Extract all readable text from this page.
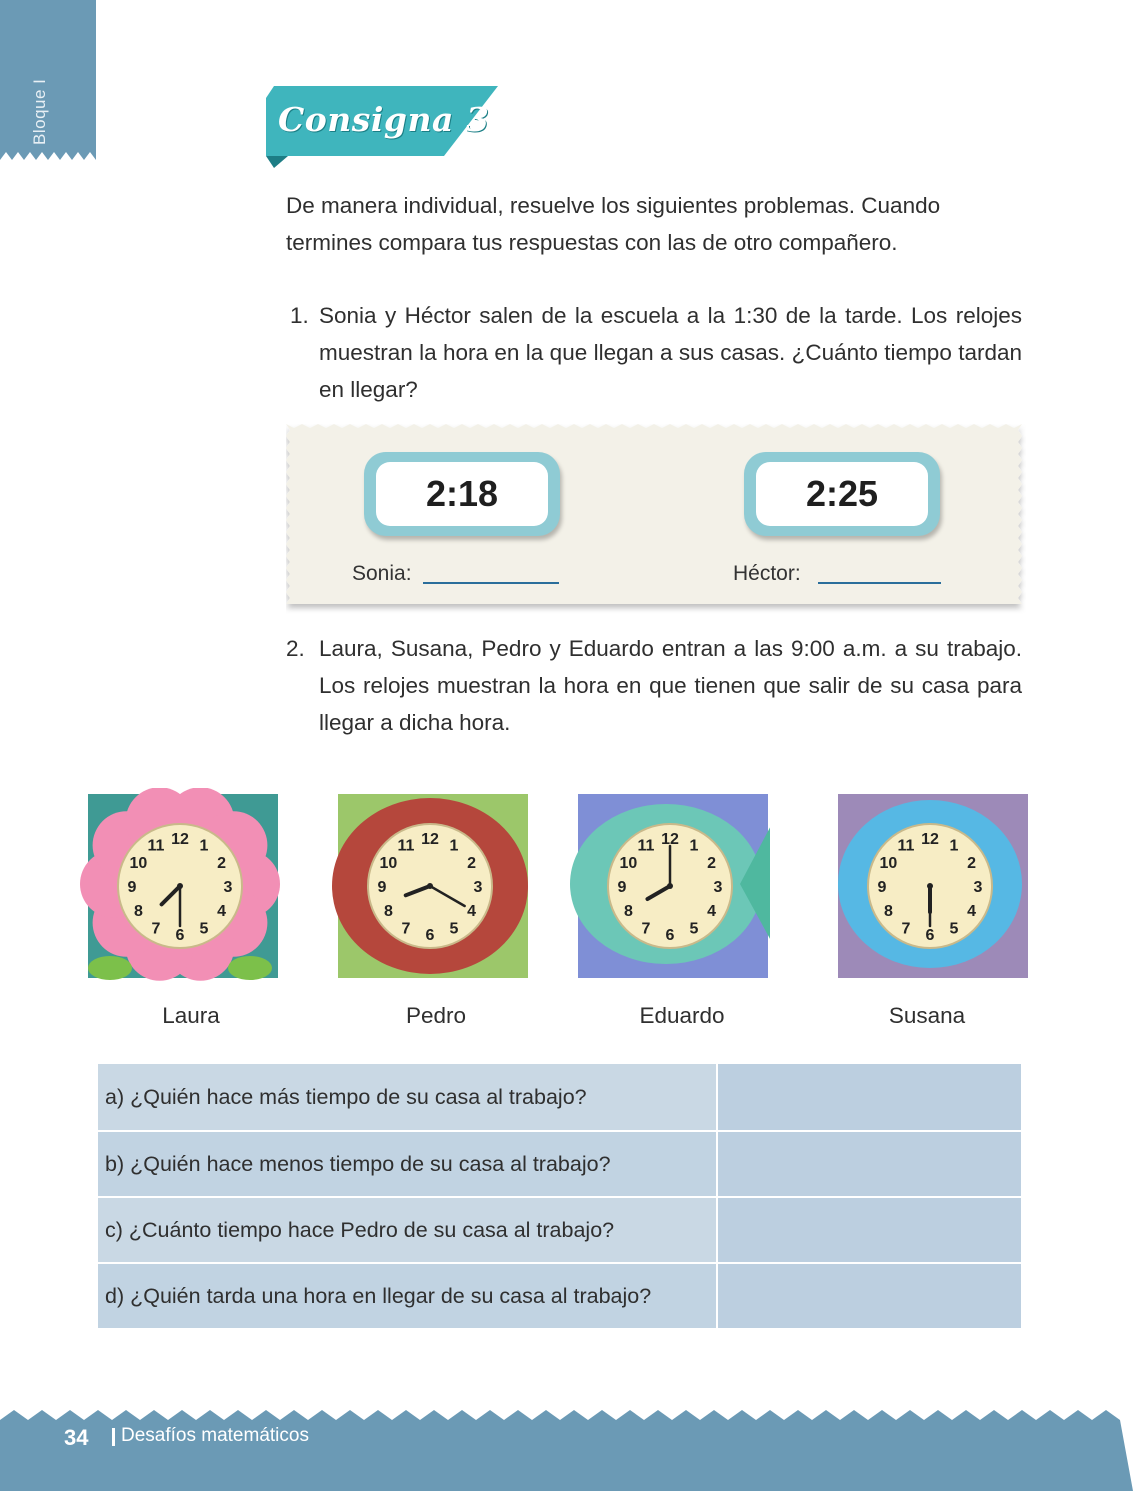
Bloque I	Consigna 3
De manera individual, resuelve los siguientes problemas. Cuando termines compara tus respuestas con las de otro compañero.
1. Sonia y Héctor salen de la escuela a la 1:30 de la tarde. Los relojes muestran la hora en la que llegan a sus casas. ¿Cuánto tiempo tardan en llegar?
2:18	2:25
Sonia:	Héctor:
2. Laura, Susana, Pedro y Eduardo entran a las 9:00 a.m. a su trabajo. Los relojes muestran la hora en que tienen que salir de su casa para llegar a dicha hora.
1
2
3
4
5
6
7
8
9
10
11 12
Laura
1
2
3
4
5
6
7
8
9
10
11 12
Pedro
1
2
3
4
5
6
7
8
9
10
11 12
Eduardo
1
2
3
4
5
6
7
8
9
10
11 12
Susana
a) ¿Quién hace más tiempo de su casa al trabajo?
b) ¿Quién hace menos tiempo de su casa al trabajo?
c) ¿Cuánto tiempo hace Pedro de su casa al trabajo?
d) ¿Quién tarda una hora en llegar de su casa al trabajo?
34 Desafíos matemáticos
